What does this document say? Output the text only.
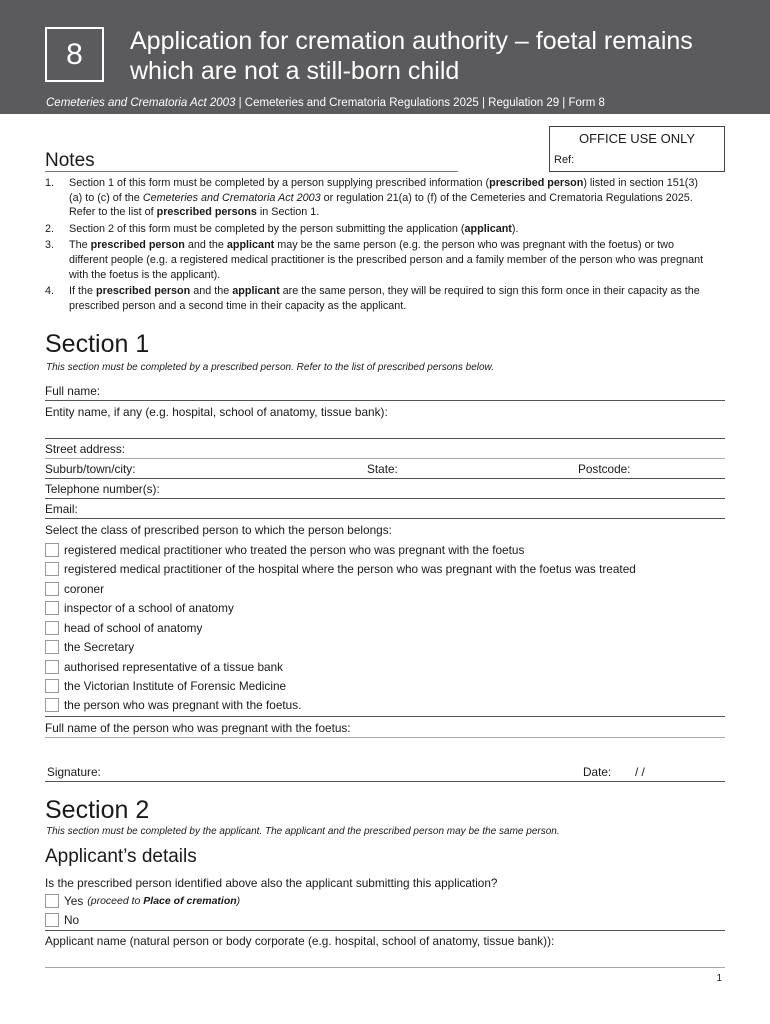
8	Application for cremation authority – foetal remains which are not a still-born child
Cemeteries and Crematoria Act 2003 | Cemeteries and Crematoria Regulations 2025 | Regulation 29 | Form 8
OFFICE USE ONLY
Ref:
Notes
1. Section 1 of this form must be completed by a person supplying prescribed information (prescribed person) listed in section 151(3)(a) to (c) of the Cemeteries and Crematoria Act 2003 or regulation 21(a) to (f) of the Cemeteries and Crematoria Regulations 2025. Refer to the list of prescribed persons in Section 1.
2. Section 2 of this form must be completed by the person submitting the application (applicant).
3. The prescribed person and the applicant may be the same person (e.g. the person who was pregnant with the foetus) or two different people (e.g. a registered medical practitioner is the prescribed person and a family member of the person who was pregnant with the foetus is the applicant).
4. If the prescribed person and the applicant are the same person, they will be required to sign this form once in their capacity as the prescribed person and a second time in their capacity as the applicant.
Section 1
This section must be completed by a prescribed person. Refer to the list of prescribed persons below.
Full name:
Entity name, if any (e.g. hospital, school of anatomy, tissue bank):
Street address:
Suburb/town/city:	State:	Postcode:
Telephone number(s):
Email:
Select the class of prescribed person to which the person belongs:
registered medical practitioner who treated the person who was pregnant with the foetus
registered medical practitioner of the hospital where the person who was pregnant with the foetus was treated
coroner
inspector of a school of anatomy
head of school of anatomy
the Secretary
authorised representative of a tissue bank
the Victorian Institute of Forensic Medicine
the person who was pregnant with the foetus.
Full name of the person who was pregnant with the foetus:
Signature:	Date: / /
Section 2
This section must be completed by the applicant. The applicant and the prescribed person may be the same person.
Applicant’s details
Is the prescribed person identified above also the applicant submitting this application?
Yes (proceed to Place of cremation)
No
Applicant name (natural person or body corporate (e.g. hospital, school of anatomy, tissue bank)):
1
